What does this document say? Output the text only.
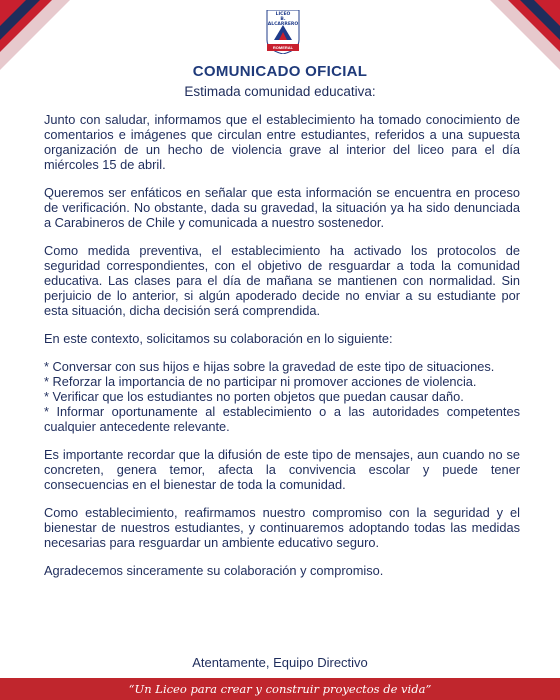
LICEO
B. ALCARRERO S
ROMERAL
COMUNICADO OFICIAL
Estimada comunidad educativa:

Junto con saludar, informamos que el establecimiento ha tomado conocimiento de comentarios e imágenes que circulan entre estudiantes, referidos a una supuesta organización de un hecho de violencia grave al interior del liceo para el día miércoles 15 de abril.

Queremos ser enfáticos en señalar que esta información se encuentra en proceso de verificación. No obstante, dada su gravedad, la situación ya ha sido denunciada a Carabineros de Chile y comunicada a nuestro sostenedor.

Como medida preventiva, el establecimiento ha activado los protocolos de seguridad correspondientes, con el objetivo de resguardar a toda la comunidad educativa. Las clases para el día de mañana se mantienen con normalidad. Sin perjuicio de lo anterior, si algún apoderado decide no enviar a su estudiante por esta situación, dicha decisión será comprendida.

En este contexto, solicitamos su colaboración en lo siguiente:

* Conversar con sus hijos e hijas sobre la gravedad de este tipo de situaciones.
* Reforzar la importancia de no participar ni promover acciones de violencia.
* Verificar que los estudiantes no porten objetos que puedan causar daño.
* Informar oportunamente al establecimiento o a las autoridades competentes cualquier antecedente relevante.

Es importante recordar que la difusión de este tipo de mensajes, aun cuando no se concreten, genera temor, afecta la convivencia escolar y puede tener consecuencias en el bienestar de toda la comunidad.

Como establecimiento, reafirmamos nuestro compromiso con la seguridad y el bienestar de nuestros estudiantes, y continuaremos adoptando todas las medidas necesarias para resguardar un ambiente educativo seguro.

Agradecemos sinceramente su colaboración y compromiso.

Atentamente, Equipo Directivo
“Un Liceo para crear y construir proyectos de vida”
